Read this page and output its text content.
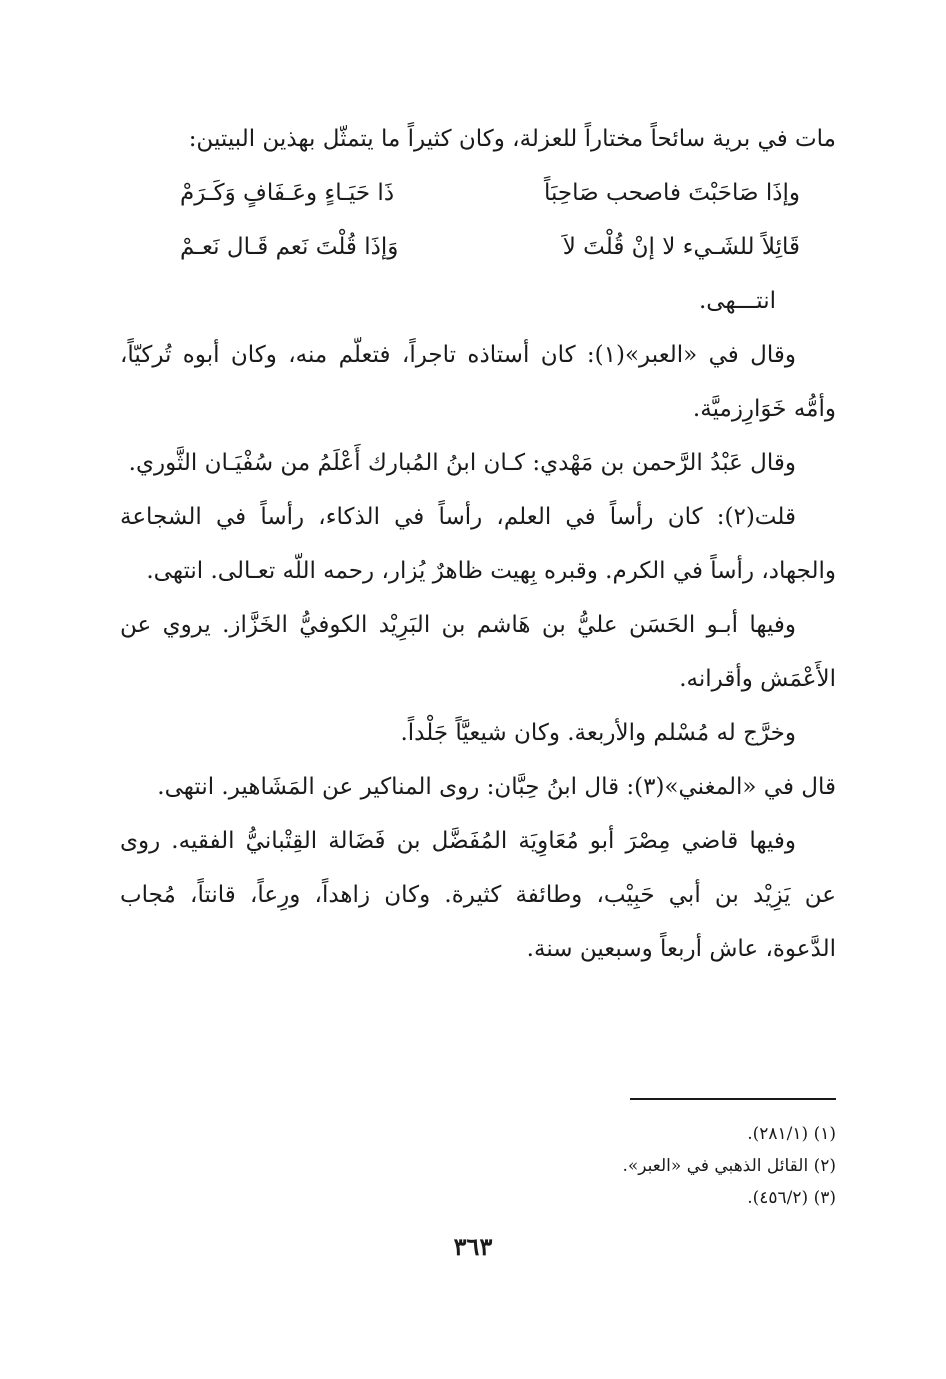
مات في برية سائحاً مختاراً للعزلة، وكان كثيراً ما يتمثّل بهذين البيتين:

انتـــهى.

وقال في «العبر»(١): كان أستاذه تاجراً، فتعلّم منه، وكان أبوه تُركيّاً، وأمُّه خَوَارِزميَّة.

وقال عَبْدُ الرَّحمن بن مَهْدي: كـان ابنُ المُبارك أَعْلَمُ من سُفْيَـان الثَّوري.

قلت(٢): كان رأساً في العلم، رأساً في الذكاء، رأساً في الشجاعة والجهاد، رأساً في الكرم. وقبره بِهيت ظاهرٌ يُزار، رحمه اللّه تعـالى. انتهى.

وفيها أبـو الحَسَن عليُّ بن هَاشم بن البَرِيْد الكوفيُّ الخَزَّاز. يروي عن الأَعْمَش وأقرانه.

وخرَّج له مُسْلم والأربعة. وكان شيعيَّاً جَلْداً.

قال في «المغني»(٣): قال ابنُ حِبَّان: روى المناكير عن المَشَاهير. انتهى.

وفيها قاضي مِصْرَ أبو مُعَاوِيَة المُفَضَّل بن فَضَالة القِتْبانيُّ الفقيه. روى عن يَزِيْد بن أبي حَبِيْب، وطائفة كثيرة. وكان زاهداً، ورِعاً، قانتاً، مُجاب الدَّعوة، عاش أربعاً وسبعين سنة.

وإذَا صَاحَبْتَ فاصحب صَاحِبَاً
ذَا حَيَـاءٍ وعَـفَافٍ وَكَـرَمْ
قَائِلاً للشَـيء لا إنْ قُلْتَ لاَ
وَإذَا قُلْتَ نَعم قَـال نَعـمْ
(١) (٢٨١/١).
(٢) القائل الذهبي في «العبر».
(٣) (٤٥٦/٢).
٣٦٣
